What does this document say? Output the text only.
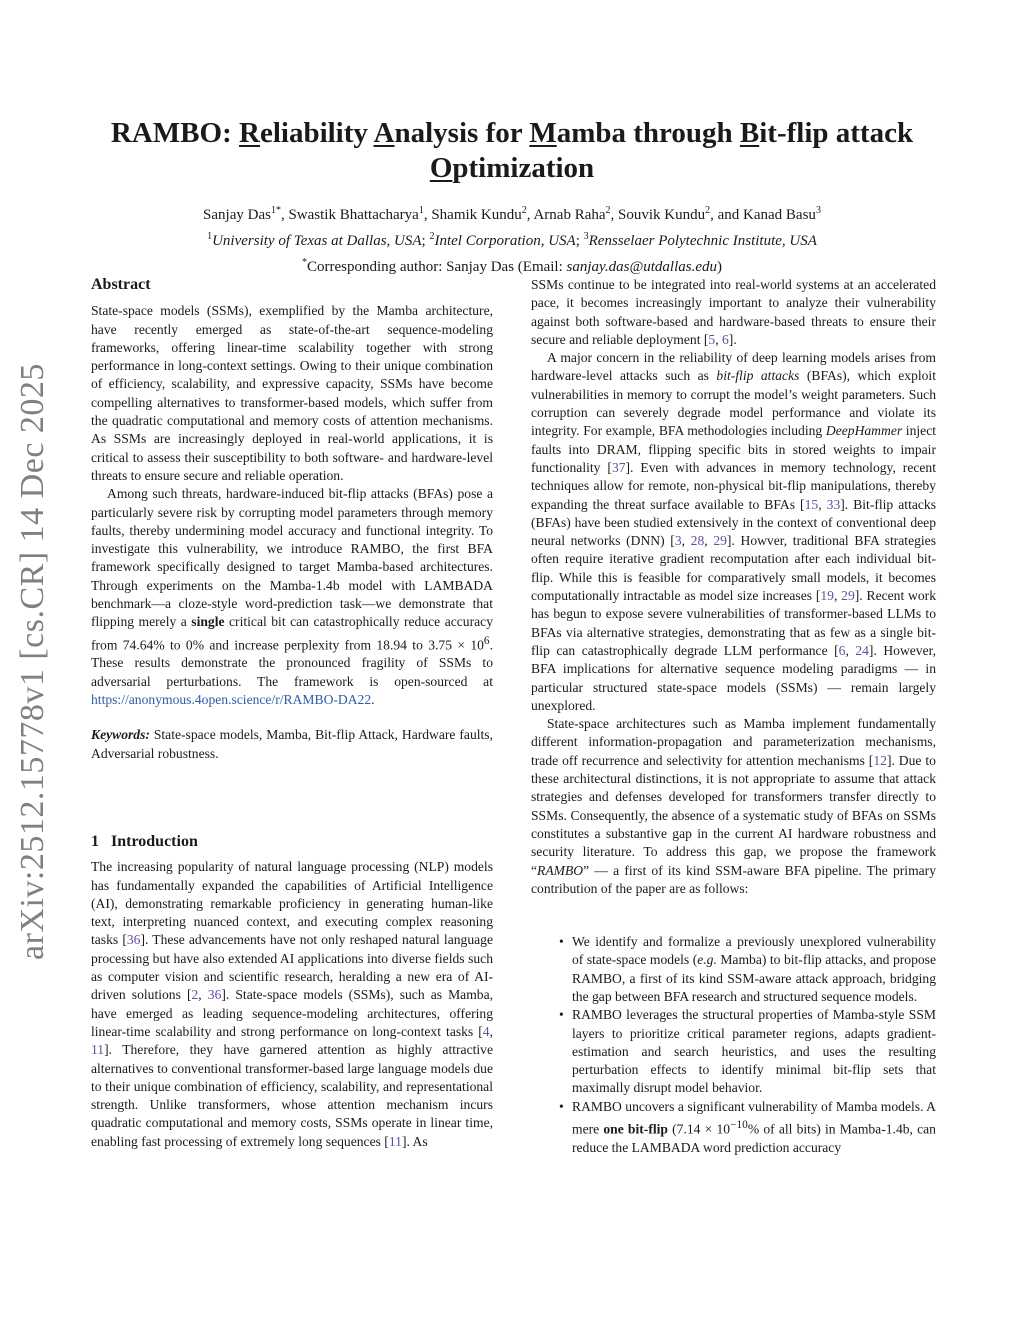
arXiv:2512.15778v1 [cs.CR] 14 Dec 2025
RAMBO: Reliability Analysis for Mamba through Bit-flip attack
Optimization
Sanjay Das$^{1*}$, Swastik Bhattacharya$^1$, Shamik Kundu$^2$, Arnab Raha$^2$, Souvik Kundu$^2$, and Kanad Basu$^3$
$^1$University of Texas at Dallas, USA; $^2$Intel Corporation, USA; $^3$Rensselaer Polytechnic Institute, USA
*Corresponding author: Sanjay Das (Email: sanjay.das@utdallas.edu)
Abstract

State-space models (SSMs), exemplified by the Mamba architecture, have recently emerged as state-of-the-art sequence-modeling frameworks, offering linear-time scalability together with strong performance in long-context settings. Owing to their unique combination of efficiency, scalability, and expressive capacity, SSMs have become compelling alternatives to transformer-based models, which suffer from the quadratic computational and memory costs of attention mechanisms. As SSMs are increasingly deployed in real-world applications, it is critical to assess their susceptibility to both software- and hardware-level threats to ensure secure and reliable operation.

Among such threats, hardware-induced bit-flip attacks (BFAs) pose a particularly severe risk by corrupting model parameters through memory faults, thereby undermining model accuracy and functional integrity. To investigate this vulnerability, we introduce RAMBO, the first BFA framework specifically designed to target Mamba-based architectures. Through experiments on the Mamba-1.4b model with LAMBADA benchmark—a cloze-style word-prediction task—we demonstrate that flipping merely a single critical bit can catastrophically reduce accuracy from 74.64% to 0% and increase perplexity from 18.94 to $3.75 \times 10^6$. These results demonstrate the pronounced fragility of SSMs to adversarial perturbations. The framework is open-sourced at https://anonymous.4open.science/r/RAMBO-DA22.

Keywords: State-space models, Mamba, Bit-flip Attack, Hardware faults, Adversarial robustness.

1 Introduction

The increasing popularity of natural language processing (NLP) models has fundamentally expanded the capabilities of Artificial Intelligence (AI), demonstrating remarkable proficiency in generating human-like text, interpreting nuanced context, and executing complex reasoning tasks [36]. These advancements have not only reshaped natural language processing but have also extended AI applications into diverse fields such as computer vision and scientific research, heralding a new era of AI-driven solutions [2, 36]. State-space models (SSMs), such as Mamba, have emerged as leading sequence-modeling architectures, offering linear-time scalability and strong performance on long-context tasks [4, 11]. Therefore, they have garnered attention as highly attractive alternatives to conventional transformer-based large language models due to their unique combination of efficiency, scalability, and representational strength. Unlike transformers, whose attention mechanism incurs quadratic computational and memory costs, SSMs operate in linear time, enabling fast processing of extremely long sequences [11]. As

SSMs continue to be integrated into real-world systems at an accelerated pace, it becomes increasingly important to analyze their vulnerability against both software-based and hardware-based threats to ensure their secure and reliable deployment [5, 6].

A major concern in the reliability of deep learning models arises from hardware-level attacks such as bit-flip attacks (BFAs), which exploit vulnerabilities in memory to corrupt the model’s weight parameters. Such corruption can severely degrade model performance and violate its integrity. For example, BFA methodologies including DeepHammer inject faults into DRAM, flipping specific bits in stored weights to impair functionality [37]. Even with advances in memory technology, recent techniques allow for remote, non-physical bit-flip manipulations, thereby expanding the threat surface available to BFAs [15, 33]. Bit-flip attacks (BFAs) have been studied extensively in the context of conventional deep neural networks (DNN) [3, 28, 29]. Howver, traditional BFA strategies often require iterative gradient recomputation after each individual bit-flip. While this is feasible for comparatively small models, it becomes computationally intractable as model size increases [19, 29]. Recent work has begun to expose severe vulnerabilities of transformer-based LLMs to BFAs via alternative strategies, demonstrating that as few as a single bit-flip can catastrophically degrade LLM performance [6, 24]. However, BFA implications for alternative sequence modeling paradigms — in particular structured state-space models (SSMs) — remain largely unexplored.

State-space architectures such as Mamba implement fundamentally different information-propagation and parameterization mechanisms, trade off recurrence and selectivity for attention mechanisms [12]. Due to these architectural distinctions, it is not appropriate to assume that attack strategies and defenses developed for transformers transfer directly to SSMs. Consequently, the absence of a systematic study of BFAs on SSMs constitutes a substantive gap in the current AI hardware robustness and security literature. To address this gap, we propose the framework “RAMBO” — a first of its kind SSM-aware BFA pipeline. The primary contribution of the paper are as follows:

• We identify and formalize a previously unexplored vulnerability of state-space models (e.g. Mamba) to bit-flip attacks, and propose RAMBO, a first of its kind SSM-aware attack approach, bridging the gap between BFA research and structured sequence models.
• RAMBO leverages the structural properties of Mamba-style SSM layers to prioritize critical parameter regions, adapts gradient-estimation and search heuristics, and uses the resulting perturbation effects to identify minimal bit-flip sets that maximally disrupt model behavior.
• RAMBO uncovers a significant vulnerability of Mamba models. A mere one bit-flip ($7.14 \times 10^{-10}\%$ of all bits) in Mamba-1.4b, can reduce the LAMBADA word prediction accuracy
